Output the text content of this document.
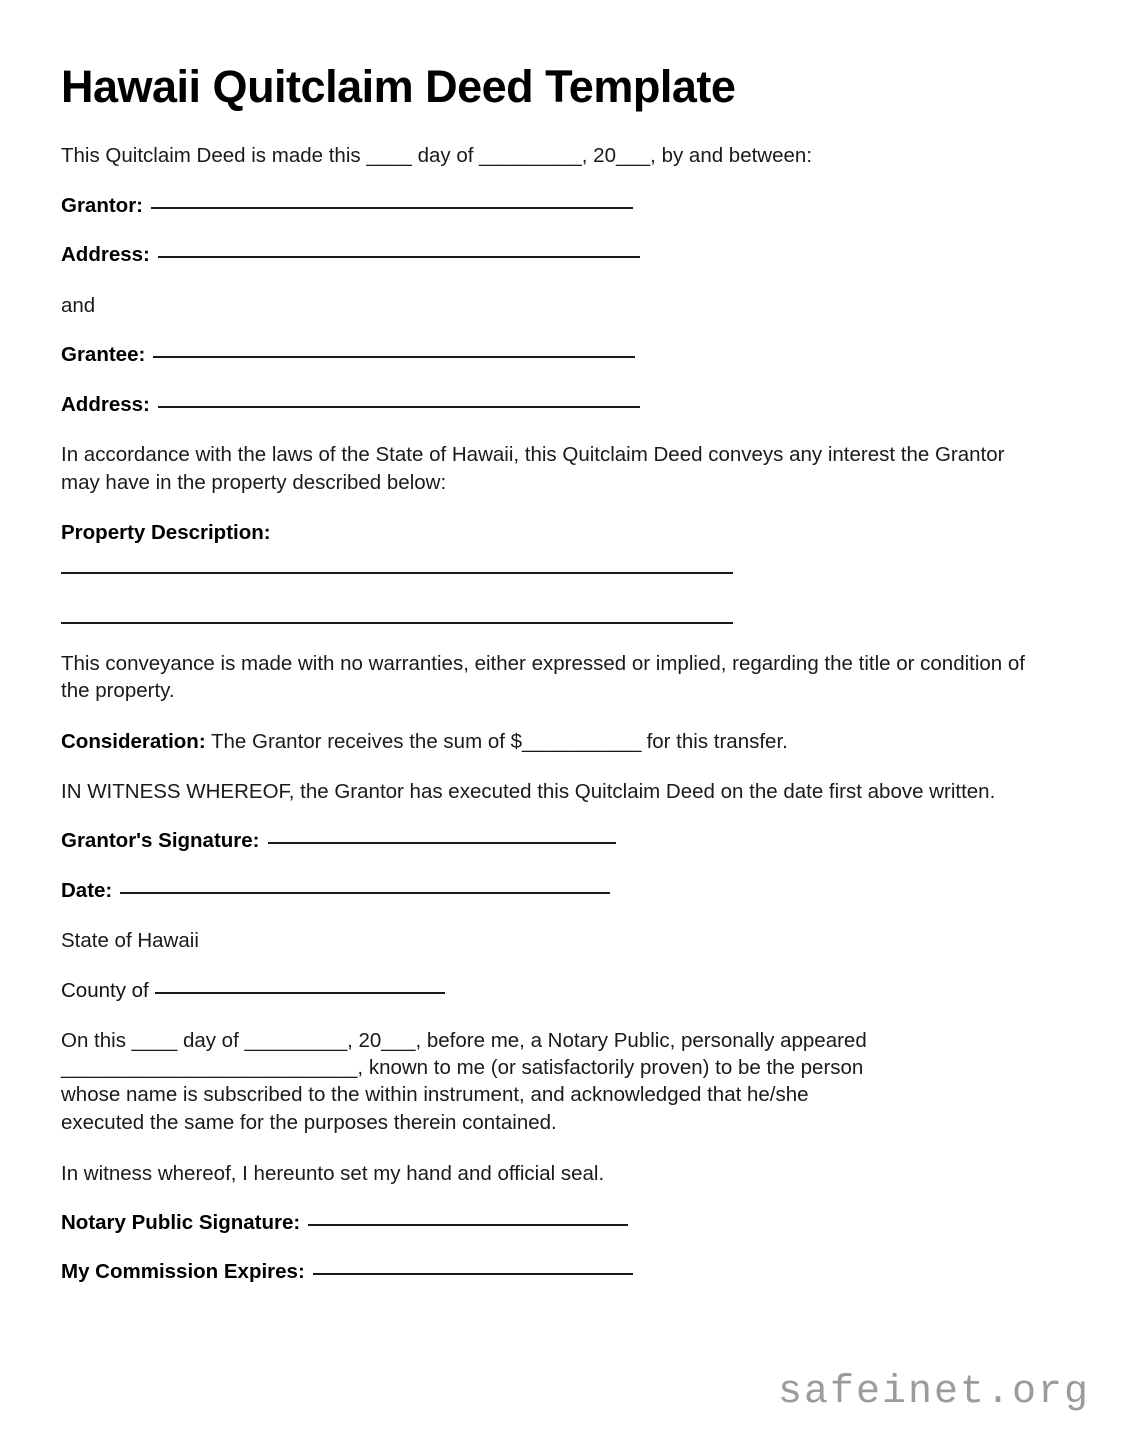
Hawaii Quitclaim Deed Template

This Quitclaim Deed is made this ____ day of _________, 20___, by and between:

Grantor:
Address:

and

Grantee:
Address:

In accordance with the laws of the State of Hawaii, this Quitclaim Deed conveys any interest the Grantor may have in the property described below:

Property Description:

This conveyance is made with no warranties, either expressed or implied, regarding the title or condition of the property.

Consideration: The Grantor receives the sum of $___________ for this transfer.

IN WITNESS WHEREOF, the Grantor has executed this Quitclaim Deed on the date first above written.

Grantor's Signature:
Date:

State of Hawaii

County of

On this ____ day of _________, 20___, before me, a Notary Public, personally appeared
__________________________, known to me (or satisfactorily proven) to be the person
whose name is subscribed to the within instrument, and acknowledged that he/she
executed the same for the purposes therein contained.

In witness whereof, I hereunto set my hand and official seal.

Notary Public Signature:
My Commission Expires:
safeinet.org
